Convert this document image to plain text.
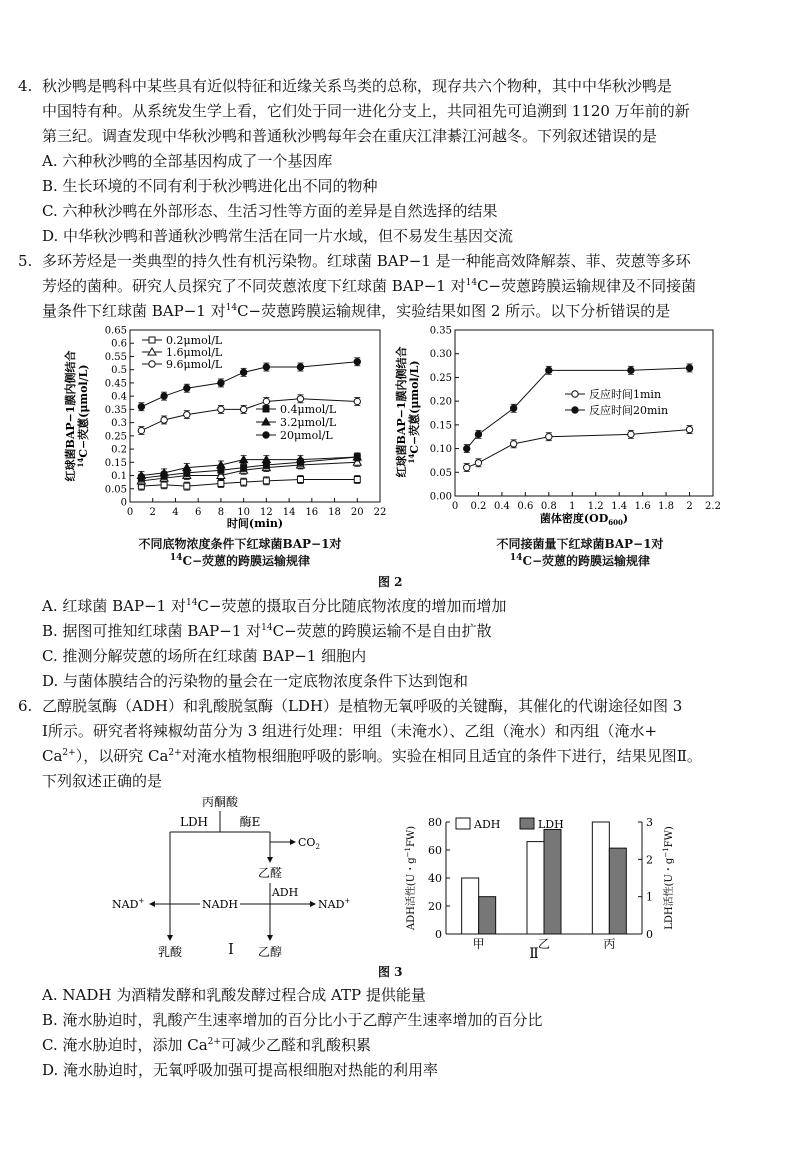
4. 秋沙鸭是鸭科中某些具有近似特征和近缘关系鸟类的总称，现存共六个物种，其中中华秋沙鸭是
中国特有种。从系统发生学上看，它们处于同一进化分支上，共同祖先可追溯到 1120 万年前的新
第三纪。调查发现中华秋沙鸭和普通秋沙鸭每年会在重庆江津綦江河越冬。下列叙述错误的是
A. 六种秋沙鸭的全部基因构成了一个基因库
B. 生长环境的不同有利于秋沙鸭进化出不同的物种
C. 六种秋沙鸭在外部形态、生活习性等方面的差异是自然选择的结果
D. 中华秋沙鸭和普通秋沙鸭常生活在同一片水域，但不易发生基因交流
5. 多环芳烃是一类典型的持久性有机污染物。红球菌 BAP−1 是一种能高效降解萘、菲、荧蒽等多环
芳烃的菌种。研究人员探究了不同荧蒽浓度下红球菌 BAP−1 对$^{14}$C−荧蒽跨膜运输规律及不同接菌
量条件下红球菌 BAP−1 对$^{14}$C−荧蒽跨膜运输规律，实验结果如图 2 所示。以下分析错误的是
0 2 4 6 8 10 12 14 16 18 20 22
0
0.05
0.1
0.15
0.2
0.25
0.3
0.35
0.4
0.45
0.5
0.55
0.6
0.65
0.2μmol/L
1.6μmol/L
9.6μmol/L
0.4μmol/L
3.2μmol/L
20μmol/L
时间(min)
红球菌BAP−1膜内侧结合 $^{14}$C−荧蒽(μmol/L)
不同底物浓度条件下红球菌BAP−1对
$^{14}$C−荧蒽的跨膜运输规律
0 0.2 0.4 0.6 0.8 1 1.2 1.4 1.6 1.8 2 2.2
0.00
0.05
0.10
0.15
0.20
0.25
0.30
0.35
反应时间1min
反应时间20min
菌体密度$(OD_{600})$
红球菌BAP−1膜内侧结合 $^{14}$C−荧蒽(μmol/L)
不同接菌量下红球菌BAP−1对
$^{14}$C−荧蒽的跨膜运输规律
图 2
A. 红球菌 BAP−1 对$^{14}$C−荧蒽的摄取百分比随底物浓度的增加而增加
B. 据图可推知红球菌 BAP−1 对$^{14}$C−荧蒽的跨膜运输不是自由扩散
C. 推测分解荧蒽的场所在红球菌 BAP−1 细胞内
D. 与菌体膜结合的污染物的量会在一定底物浓度条件下达到饱和
6. 乙醇脱氢酶（ADH）和乳酸脱氢酶（LDH）是植物无氧呼吸的关键酶，其催化的代谢途径如图 3
Ⅰ所示。研究者将辣椒幼苗分为 3 组进行处理：甲组（未淹水）、乙组（淹水）和丙组（淹水+
$Ca^{2+}$），以研究 $Ca^{2+}$对淹水植物根细胞呼吸的影响。实验在相同且适宜的条件下进行，结果见图Ⅱ。
下列叙述正确的是
丙酮酸
LDH	酶E
$CO_2$
乙醛
ADH
NADH
NAD+	NAD+
乳酸	乙醇
Ⅰ
0
20
40
60
80
0
1
2
3
甲	乙	丙
ADH	LDH
ADH活性(U・$g^{-1}FW$)
LDH活性(U・$g^{-1}FW$)
Ⅱ
图 3
A. NADH 为酒精发酵和乳酸发酵过程合成 ATP 提供能量
B. 淹水胁迫时，乳酸产生速率增加的百分比小于乙醇产生速率增加的百分比
C. 淹水胁迫时，添加 $Ca^{2+}$可减少乙醛和乳酸积累
D. 淹水胁迫时，无氧呼吸加强可提高根细胞对热能的利用率
